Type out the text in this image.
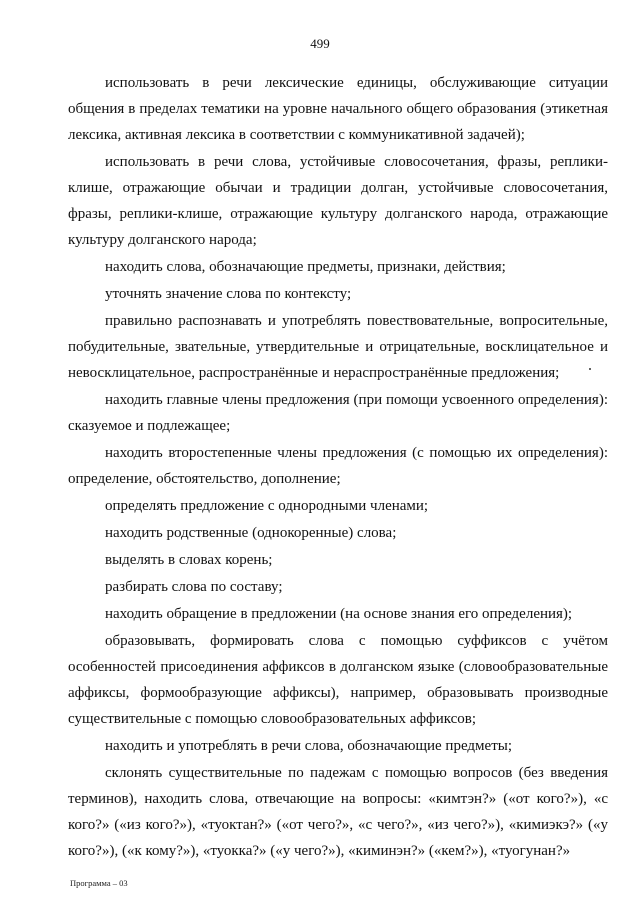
499

использовать в речи лексические единицы, обслуживающие ситуации общения в пределах тематики на уровне начального общего образования (этикетная лексика, активная лексика в соответствии с коммуникативной задачей);

использовать в речи слова, устойчивые словосочетания, фразы, реплики-клише, отражающие обычаи и традиции долган, устойчивые словосочетания, фразы, реплики-клише, отражающие культуру долганского народа, отражающие культуру долганского народа;

находить слова, обозначающие предметы, признаки, действия;

уточнять значение слова по контексту;

правильно распознавать и употреблять повествовательные, вопросительные, побудительные, звательные, утвердительные и отрицательные, восклицательное и невосклицательное, распространённые и нераспространённые предложения;

находить главные члены предложения (при помощи усвоенного определения): сказуемое и подлежащее;

находить второстепенные члены предложения (с помощью их определения): определение, обстоятельство, дополнение;

определять предложение с однородными членами;

находить родственные (однокоренные) слова;

выделять в словах корень;

разбирать слова по составу;

находить обращение в предложении (на основе знания его определения);

образовывать, формировать слова с помощью суффиксов с учётом особенностей присоединения аффиксов в долганском языке (словообразовательные аффиксы, формообразующие аффиксы), например, образовывать производные существительные с помощью словообразовательных аффиксов;

находить и употреблять в речи слова, обозначающие предметы;

склонять существительные по падежам с помощью вопросов (без введения терминов), находить слова, отвечающие на вопросы: «кимтэн?» («от кого?»), «с кого?» («из кого?»), «туоктан?» («от чего?», «с чего?», «из чего?»), «кимиэкэ?» («у кого?»), («к кому?»), «туокка?» («у чего?»), «киминэн?» («кем?»), «туогунан?»

Программа – 03
